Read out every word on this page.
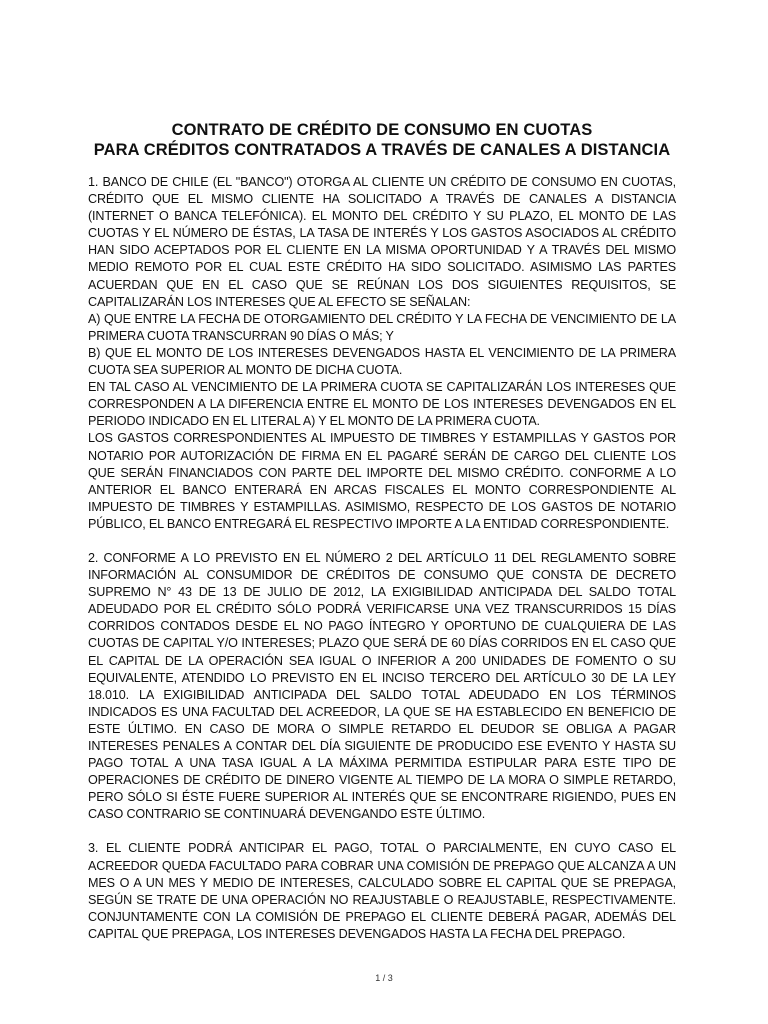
CONTRATO DE CRÉDITO DE CONSUMO EN CUOTAS
PARA CRÉDITOS CONTRATADOS A TRAVÉS DE CANALES A DISTANCIA

1. BANCO DE CHILE (EL "BANCO") OTORGA AL CLIENTE UN CRÉDITO DE CONSUMO EN CUOTAS, CRÉDITO QUE EL MISMO CLIENTE HA SOLICITADO A TRAVÉS DE CANALES A DISTANCIA (INTERNET O BANCA TELEFÓNICA). EL MONTO DEL CRÉDITO Y SU PLAZO, EL MONTO DE LAS CUOTAS Y EL NÚMERO DE ÉSTAS, LA TASA DE INTERÉS Y LOS GASTOS ASOCIADOS AL CRÉDITO HAN SIDO ACEPTADOS POR EL CLIENTE EN LA MISMA OPORTUNIDAD Y A TRAVÉS DEL MISMO MEDIO REMOTO POR EL CUAL ESTE CRÉDITO HA SIDO SOLICITADO. ASIMISMO LAS PARTES ACUERDAN QUE EN EL CASO QUE SE REÚNAN LOS DOS SIGUIENTES REQUISITOS, SE CAPITALIZARÁN LOS INTERESES QUE AL EFECTO SE SEÑALAN:

A) QUE ENTRE LA FECHA DE OTORGAMIENTO DEL CRÉDITO Y LA FECHA DE VENCIMIENTO DE LA PRIMERA CUOTA TRANSCURRAN 90 DÍAS O MÁS; Y

B) QUE EL MONTO DE LOS INTERESES DEVENGADOS HASTA EL VENCIMIENTO DE LA PRIMERA CUOTA SEA SUPERIOR AL MONTO DE DICHA CUOTA.

EN TAL CASO AL VENCIMIENTO DE LA PRIMERA CUOTA SE CAPITALIZARÁN LOS INTERESES QUE CORRESPONDEN A LA DIFERENCIA ENTRE EL MONTO DE LOS INTERESES DEVENGADOS EN EL PERIODO INDICADO EN EL LITERAL A) Y EL MONTO DE LA PRIMERA CUOTA.

LOS GASTOS CORRESPONDIENTES AL IMPUESTO DE TIMBRES Y ESTAMPILLAS Y GASTOS POR NOTARIO POR AUTORIZACIÓN DE FIRMA EN EL PAGARÉ SERÁN DE CARGO DEL CLIENTE LOS QUE SERÁN FINANCIADOS CON PARTE DEL IMPORTE DEL MISMO CRÉDITO. CONFORME A LO ANTERIOR EL BANCO ENTERARÁ EN ARCAS FISCALES EL MONTO CORRESPONDIENTE AL IMPUESTO DE TIMBRES Y ESTAMPILLAS. ASIMISMO, RESPECTO DE LOS GASTOS DE NOTARIO PÚBLICO, EL BANCO ENTREGARÁ EL RESPECTIVO IMPORTE A LA ENTIDAD CORRESPONDIENTE.

2. CONFORME A LO PREVISTO EN EL NÚMERO 2 DEL ARTÍCULO 11 DEL REGLAMENTO SOBRE INFORMACIÓN AL CONSUMIDOR DE CRÉDITOS DE CONSUMO QUE CONSTA DE DECRETO SUPREMO N° 43 DE 13 DE JULIO DE 2012, LA EXIGIBILIDAD ANTICIPADA DEL SALDO TOTAL ADEUDADO POR EL CRÉDITO SÓLO PODRÁ VERIFICARSE UNA VEZ TRANSCURRIDOS 15 DÍAS CORRIDOS CONTADOS DESDE EL NO PAGO ÍNTEGRO Y OPORTUNO DE CUALQUIERA DE LAS CUOTAS DE CAPITAL Y/O INTERESES; PLAZO QUE SERÁ DE 60 DÍAS CORRIDOS EN EL CASO QUE EL CAPITAL DE LA OPERACIÓN SEA IGUAL O INFERIOR A 200 UNIDADES DE FOMENTO O SU EQUIVALENTE, ATENDIDO LO PREVISTO EN EL INCISO TERCERO DEL ARTÍCULO 30 DE LA LEY 18.010. LA EXIGIBILIDAD ANTICIPADA DEL SALDO TOTAL ADEUDADO EN LOS TÉRMINOS INDICADOS ES UNA FACULTAD DEL ACREEDOR, LA QUE SE HA ESTABLECIDO EN BENEFICIO DE ESTE ÚLTIMO. EN CASO DE MORA O SIMPLE RETARDO EL DEUDOR SE OBLIGA A PAGAR INTERESES PENALES A CONTAR DEL DÍA SIGUIENTE DE PRODUCIDO ESE EVENTO Y HASTA SU PAGO TOTAL A UNA TASA IGUAL A LA MÁXIMA PERMITIDA ESTIPULAR PARA ESTE TIPO DE OPERACIONES DE CRÉDITO DE DINERO VIGENTE AL TIEMPO DE LA MORA O SIMPLE RETARDO, PERO SÓLO SI ÉSTE FUERE SUPERIOR AL INTERÉS QUE SE ENCONTRARE RIGIENDO, PUES EN CASO CONTRARIO SE CONTINUARÁ DEVENGANDO ESTE ÚLTIMO.

3. EL CLIENTE PODRÁ ANTICIPAR EL PAGO, TOTAL O PARCIALMENTE, EN CUYO CASO EL ACREEDOR QUEDA FACULTADO PARA COBRAR UNA COMISIÓN DE PREPAGO QUE ALCANZA A UN MES O A UN MES Y MEDIO DE INTERESES, CALCULADO SOBRE EL CAPITAL QUE SE PREPAGA, SEGÚN SE TRATE DE UNA OPERACIÓN NO REAJUSTABLE O REAJUSTABLE, RESPECTIVAMENTE. CONJUNTAMENTE CON LA COMISIÓN DE PREPAGO EL CLIENTE DEBERÁ PAGAR, ADEMÁS DEL CAPITAL QUE PREPAGA, LOS INTERESES DEVENGADOS HASTA LA FECHA DEL PREPAGO.

1 / 3
